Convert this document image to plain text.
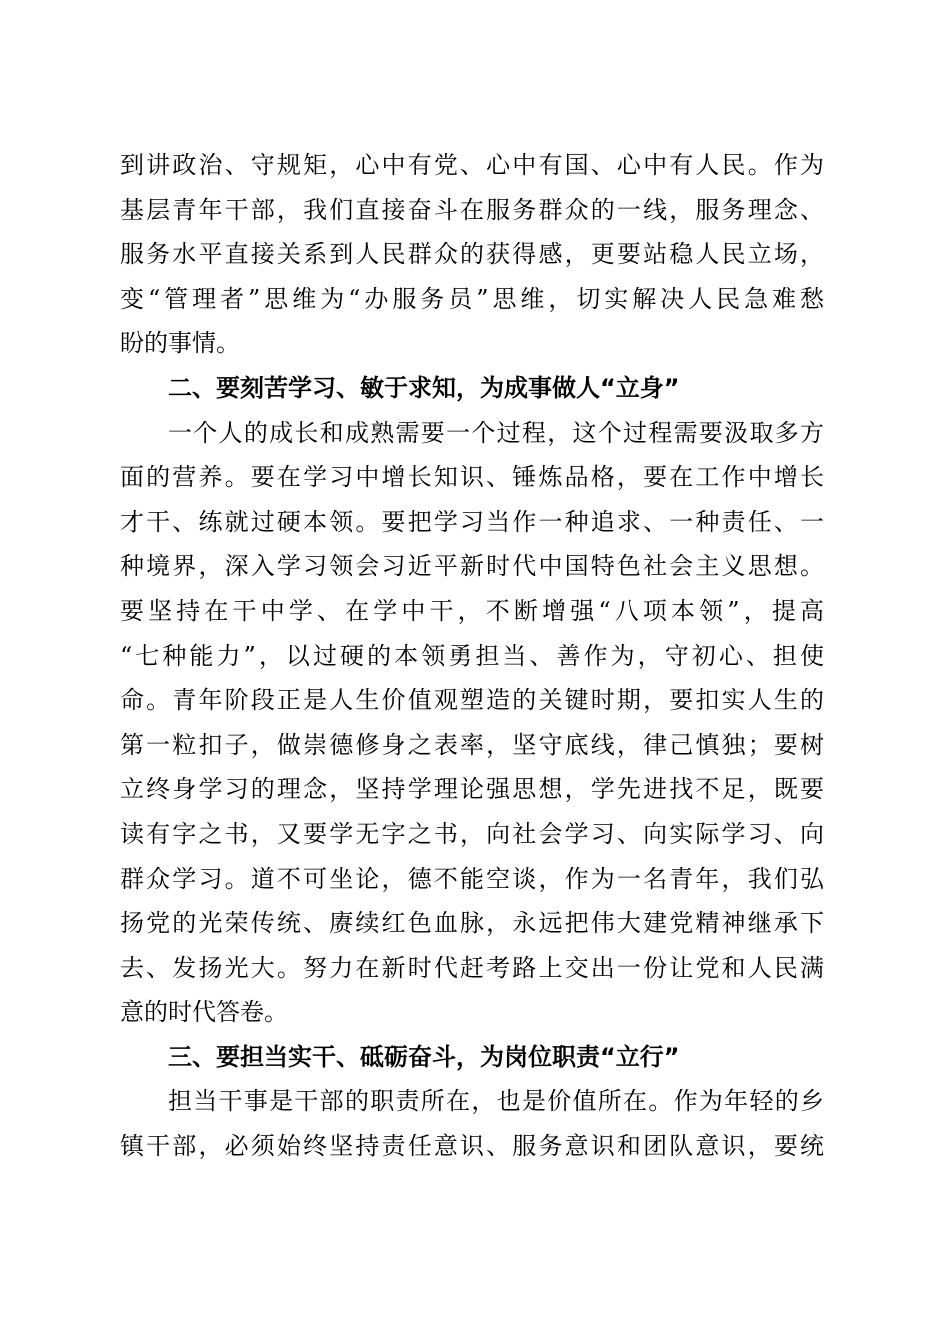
到讲政治、守规矩，心中有党、心中有国、心中有人民。作为
基层青年干部，我们直接奋斗在服务群众的一线，服务理念、
服务水平直接关系到人民群众的获得感，更要站稳人民立场，
变“管理者”思维为“办服务员”思维，切实解决人民急难愁
盼的事情。
二、要刻苦学习、敏于求知，为成事做人“立身”
一个人的成长和成熟需要一个过程，这个过程需要汲取多方
面的营养。要在学习中增长知识、锤炼品格，要在工作中增长
才干、练就过硬本领。要把学习当作一种追求、一种责任、一
种境界，深入学习领会习近平新时代中国特色社会主义思想。
要坚持在干中学、在学中干，不断增强“八项本领”，提高
“七种能力”，以过硬的本领勇担当、善作为，守初心、担使
命。青年阶段正是人生价值观塑造的关键时期，要扣实人生的
第一粒扣子，做崇德修身之表率，坚守底线，律己慎独；要树
立终身学习的理念，坚持学理论强思想，学先进找不足，既要
读有字之书，又要学无字之书，向社会学习、向实际学习、向
群众学习。道不可坐论，德不能空谈，作为一名青年，我们弘
扬党的光荣传统、赓续红色血脉，永远把伟大建党精神继承下
去、发扬光大。努力在新时代赶考路上交出一份让党和人民满
意的时代答卷。
三、要担当实干、砥砺奋斗，为岗位职责“立行”
担当干事是干部的职责所在，也是价值所在。作为年轻的乡
镇干部，必须始终坚持责任意识、服务意识和团队意识，要统
